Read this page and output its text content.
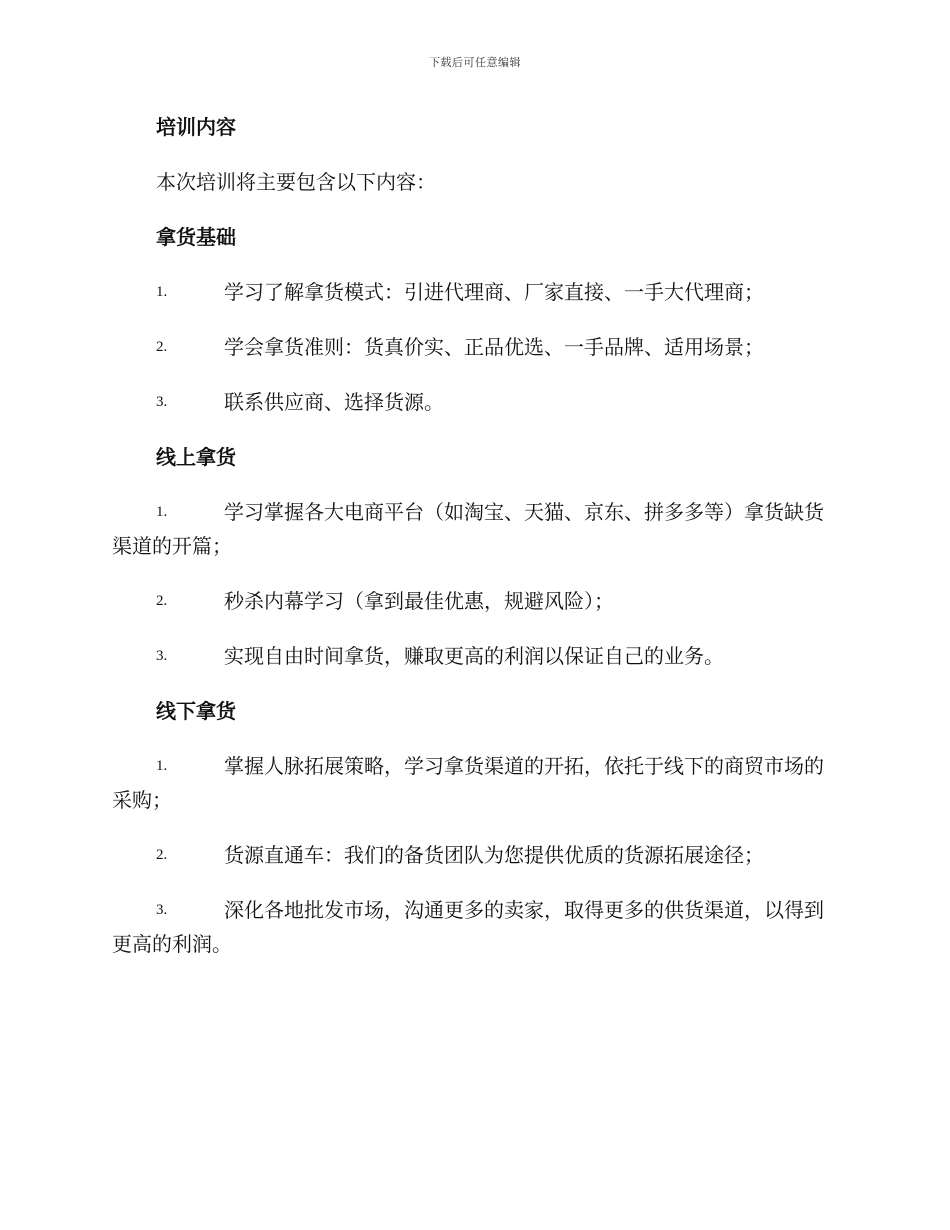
下载后可任意编辑
培训内容
本次培训将主要包含以下内容：
拿货基础
1.	学习了解拿货模式：引进代理商、厂家直接、一手大代理商；
2.	学会拿货准则：货真价实、正品优选、一手品牌、适用场景；
3.	联系供应商、选择货源。
线上拿货
1.	学习掌握各大电商平台（如淘宝、天猫、京东、拼多多等）拿货缺货渠道的开篇；
2.	秒杀内幕学习（拿到最佳优惠，规避风险）；
3.	实现自由时间拿货，赚取更高的利润以保证自己的业务。
线下拿货
1.	掌握人脉拓展策略，学习拿货渠道的开拓，依托于线下的商贸市场的采购；
2.	货源直通车：我们的备货团队为您提供优质的货源拓展途径；
3.	深化各地批发市场，沟通更多的卖家，取得更多的供货渠道，以得到更高的利润。
